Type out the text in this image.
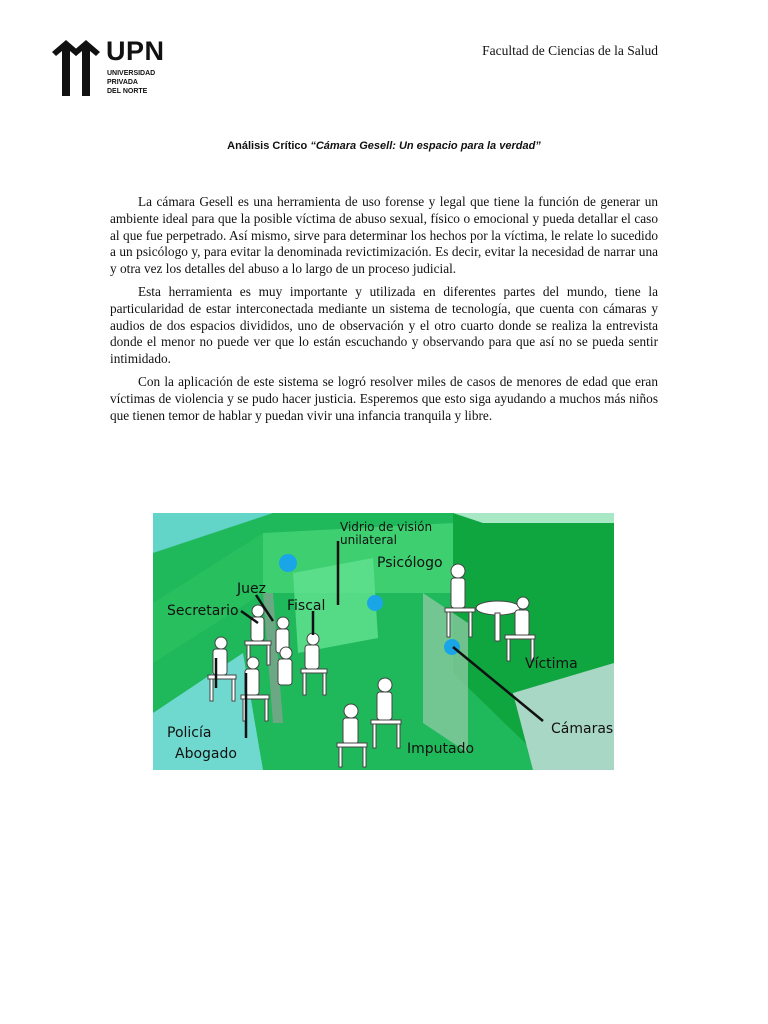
UPN
UNIVERSIDAD
PRIVADA
DEL NORTE
Facultad de Ciencias de la Salud
Análisis Crítico “Cámara Gesell: Un espacio para la verdad”

La cámara Gesell es una herramienta de uso forense y legal que tiene la función de generar un ambiente ideal para que la posible víctima de abuso sexual, físico o emocional y pueda detallar el caso al que fue perpetrado. Así mismo, sirve para determinar los hechos por la víctima, le relate lo sucedido a un psicólogo y, para evitar la denominada revictimización. Es decir, evitar la necesidad de narrar una y otra vez los detalles del abuso a lo largo de un proceso judicial.

Esta herramienta es muy importante y utilizada en diferentes partes del mundo, tiene la particularidad de estar interconectada mediante un sistema de tecnología, que cuenta con cámaras y audios de dos espacios divididos, uno de observación y el otro cuarto donde se realiza la entrevista donde el menor no puede ver que lo están escuchando y observando para que así no se pueda sentir intimidado.

Con la aplicación de este sistema se logró resolver miles de casos de menores de edad que eran víctimas de violencia y se pudo hacer justicia. Esperemos que esto siga ayudando a muchos más niños que tienen temor de hablar y puedan vivir una infancia tranquila y libre.

Vidrio de visión
unilateral
Psicólogo
Juez
Secretario	Fiscal
Víctima
Cámaras
Policía
Abogado	Imputado
